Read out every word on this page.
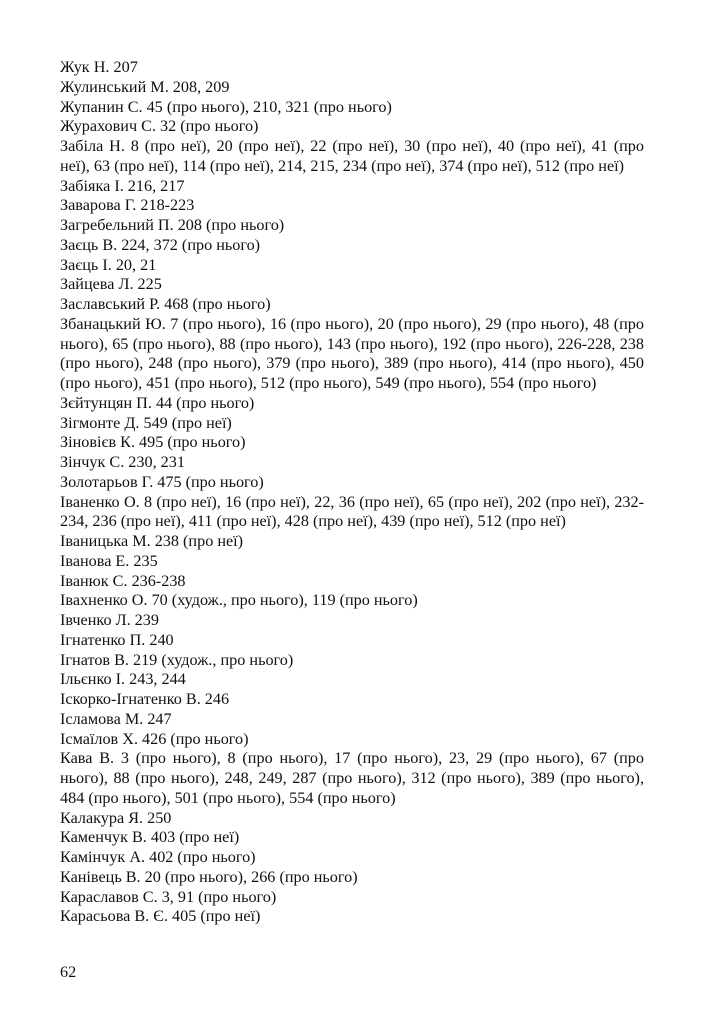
Жук Н. 207

Жулинський М. 208, 209

Жупанин С. 45 (про нього), 210, 321 (про нього)

Журахович С. 32 (про нього)

Забіла Н. 8 (про неї), 20 (про неї), 22 (про неї), 30 (про неї), 40 (про неї), 41 (про неї), 63 (про неї), 114 (про неї), 214, 215, 234 (про неї), 374 (про неї), 512 (про неї)

Забіяка І. 216, 217

Заварова Г. 218-223

Загребельний П. 208 (про нього)

Заєць В. 224, 372 (про нього)

Заєць І. 20, 21

Зайцева Л. 225

Заславський Р. 468 (про нього)

Збанацький Ю. 7 (про нього), 16 (про нього), 20 (про нього), 29 (про нього), 48 (про нього), 65 (про нього), 88 (про нього), 143 (про нього), 192 (про нього), 226-228, 238 (про нього), 248 (про нього), 379 (про нього), 389 (про нього), 414 (про нього), 450 (про нього), 451 (про нього), 512 (про нього), 549 (про нього), 554 (про нього)

Зєйтунцян П. 44 (про нього)

Зігмонте Д. 549 (про неї)

Зіновієв К. 495 (про нього)

Зінчук С. 230, 231

Золотарьов Г. 475 (про нього)

Іваненко О. 8 (про неї), 16 (про неї), 22, 36 (про неї), 65 (про неї), 202 (про неї), 232-234, 236 (про неї), 411 (про неї), 428 (про неї), 439 (про неї), 512 (про неї)

Іваницька М. 238 (про неї)

Іванова Е. 235

Іванюк С. 236-238

Івахненко О. 70 (худож., про нього), 119 (про нього)

Івченко Л. 239

Ігнатенко П. 240

Ігнатов В. 219 (худож., про нього)

Ільєнко І. 243, 244

Іскорко-Ігнатенко В. 246

Ісламова М. 247

Ісмаїлов Х. 426 (про нього)

Кава В. 3 (про нього), 8 (про нього), 17 (про нього), 23, 29 (про нього), 67 (про нього), 88 (про нього), 248, 249, 287 (про нього), 312 (про нього), 389 (про нього), 484 (про нього), 501 (про нього), 554 (про нього)

Калакура Я. 250

Каменчук В. 403 (про неї)

Камінчук А. 402 (про нього)

Канівець В. 20 (про нього), 266 (про нього)

Караславов С. 3, 91 (про нього)

Карасьова В. Є. 405 (про неї)

62
